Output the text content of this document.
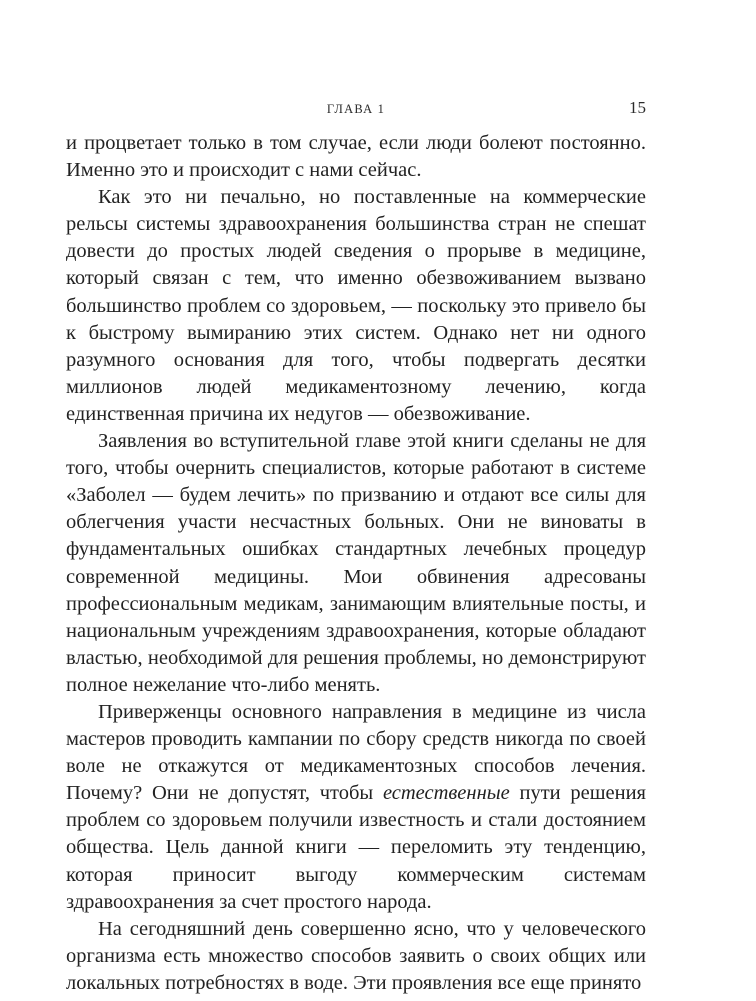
ГЛАВА 1	15

и процветает только в том случае, если люди болеют постоянно. Именно это и происходит с нами сейчас.

Как это ни печально, но поставленные на коммерческие рельсы системы здравоохранения большинства стран не спешат довести до простых людей сведения о прорыве в медицине, который связан с тем, что именно обезвоживанием вызвано большинство проблем со здоровьем, — поскольку это привело бы к быстрому вымиранию этих систем. Однако нет ни одного разумного основания для того, чтобы подвергать десятки миллионов людей медикаментозному лечению, когда единственная причина их недугов — обезвоживание.

Заявления во вступительной главе этой книги сделаны не для того, чтобы очернить специалистов, которые работают в системе «Заболел — будем лечить» по призванию и отдают все силы для облегчения участи несчастных больных. Они не виноваты в фундаментальных ошибках стандартных лечебных процедур современной медицины. Мои обвинения адресованы профессиональным медикам, занимающим влиятельные посты, и национальным учреждениям здравоохранения, которые обладают властью, необходимой для решения проблемы, но демонстрируют полное нежелание что-либо менять.

Приверженцы основного направления в медицине из числа мастеров проводить кампании по сбору средств никогда по своей воле не откажутся от медикаментозных способов лечения. Почему? Они не допустят, чтобы естественные пути решения проблем со здоровьем получили известность и стали достоянием общества. Цель данной книги — переломить эту тенденцию, которая приносит выгоду коммерческим системам здравоохранения за счет простого народа.

На сегодняшний день совершенно ясно, что у человеческого организма есть множество способов заявить о своих общих или локальных потребностях в воде. Эти проявления все еще принято
